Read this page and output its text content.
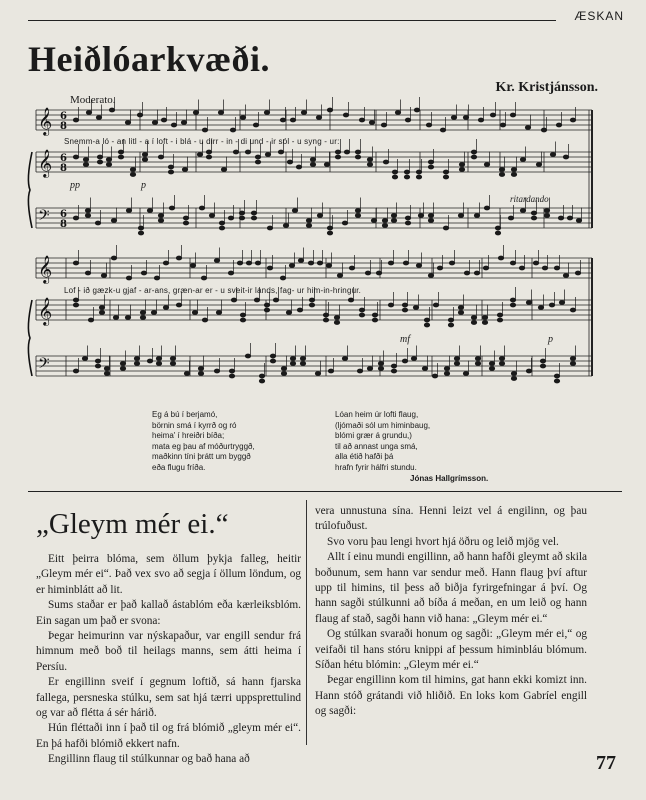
ÆSKAN
Heiðlóarkvæði.
Kr. Kristjánsson.
Moderato.
𝄞
𝄞
𝄢
𝄞
𝄞
𝄢
6
8
6
8
6
8
Snemm-a ló - an litl - a í loft - i blá - u dirr - in - di und - ir sól - u syng - ur:
Lof - ið gæzk-u gjaf - ar-ans, græn-ar er - u sveit-ir lands, fag- ur him-in-hringur.
pp	p
ritardando
mf	p
Eg á bú í berjamó,
börnin smá í kyrrð og ró
heima' í hreiðri bíða;
mata eg þau af móðurtryggð,
maðkinn tíni þrátt um byggð
eða flugu fríða.
Lóan heim úr lofti flaug,
(ljómaði sól um himinbaug,
blómi grær á grundu,)
til að annast unga smá,
alla étið hafði þá
hrafn fyrir hálfri stundu.
Jónas Hallgrímsson.
„Gleym mér ei.“

Eitt þeirra blóma, sem öllum þykja falleg, heitir „Gleym mér ei“. Það vex svo að segja í öllum löndum, og er himinblátt að lit.

Sums staðar er það kallað ástablóm eða kærleiksblóm. Ein sagan um það er svona:

Þegar heimurinn var nýskapaður, var engill sendur frá himnum með boð til heilags manns, sem átti heima í Persíu.

Er engillinn sveif í gegnum loftið, sá hann fjarska fallega, persneska stúlku, sem sat hjá tærri uppsprettulind og var að flétta á sér hárið.

Hún fléttaði inn í það til og frá blómið „gleym mér ei“. En þá hafði blómið ekkert nafn.

Engillinn flaug til stúlkunnar og bað hana að

vera unnustuna sína. Henni leizt vel á engilinn, og þau trúlofuðust.

Svo voru þau lengi hvort hjá öðru og leið mjög vel.

Allt í einu mundi engillinn, að hann hafði gleymt að skila boðunum, sem hann var sendur með. Hann flaug því aftur upp til himins, til þess að biðja fyrirgefningar á því. Og hann sagði stúlkunni að bíða á meðan, en um leið og hann flaug af stað, sagði hann við hana: „Gleym mér ei.“

Og stúlkan svaraði honum og sagði: „Gleym mér ei,“ og veifaði til hans stóru knippi af þessum himinbláu blómum. Síðan hétu blómin: „Gleym mér ei.“

Þegar engillinn kom til himins, gat hann ekki komizt inn. Hann stóð grátandi við hliðið. En loks kom Gabríel engill og sagði:

77
